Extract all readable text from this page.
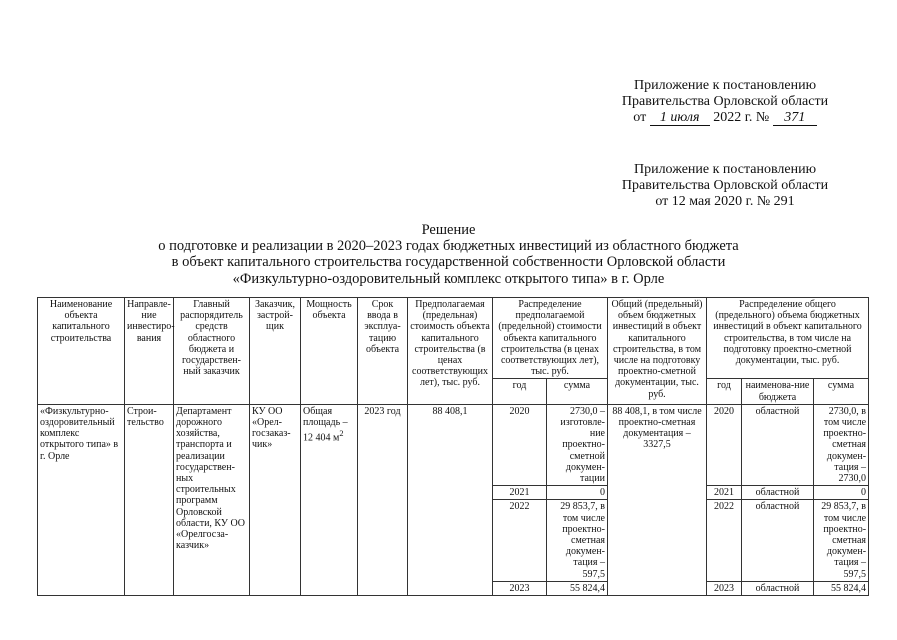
Приложение к постановлению
Правительства Орловской области
от 1 июля 2022 г. № 371
Приложение к постановлению
Правительства Орловской области
от 12 мая 2020 г. № 291
Решение
о подготовке и реализации в 2020–2023 годах бюджетных инвестиций из областного бюджета
в объект капитального строительства государственной собственности Орловской области
«Физкультурно-оздоровительный комплекс открытого типа» в г. Орле
Наименование объекта капитального строительства	Направле-ние инвестиро-вания	Главный распорядитель средств областного бюджета и государствен-ный заказчик	Заказчик, застрой-щик	Мощность объекта	Срок ввода в эксплуа-тацию объекта	Предполагаемая (предельная) стоимость объекта капитального строительства (в ценах соответствующих лет), тыс. руб.	Распределение предполагаемой (предельной) стоимости объекта капитального строительства (в ценах соответствующих лет), тыс. руб.		Общий (предельный) объем бюджетных инвестиций в объект капитального строительства, в том числе на подготовку проектно-сметной документации, тыс. руб.	Распределение общего (предельного) объема бюджетных инвестиций в объект капитального строительства, в том числе на подготовку проектно-сметной документации, тыс. руб.		
							год	сумма		год	наименова-ние бюджета	сумма
«Физкультурно-оздоровительный комплекс открытого типа» в г. Орле	Строи-тельство	Департамент дорожного хозяйства, транспорта и реализации государствен-ных строительных программ Орловской области, КУ ОО «Орелгосза-казчик»	КУ ОО «Орел-госзаказ-чик»	Общая площадь – 12 404 $м^2$	2023 год	88 408,1	2020	2730,0 – изготовле-ние проектно-сметной докумен-тации	88 408,1, в том числе проектно-сметная документация – 3327,5	2020	областной	2730,0, в том числе проектно-сметная докумен-тация – 2730,0
							2021	0		2021	областной	0
							2022	29 853,7, в том числе проектно-сметная докумен-тация – 597,5		2022	областной	29 853,7, в том числе проектно-сметная докумен-тация – 597,5
							2023	55 824,4		2023	областной	55 824,4
